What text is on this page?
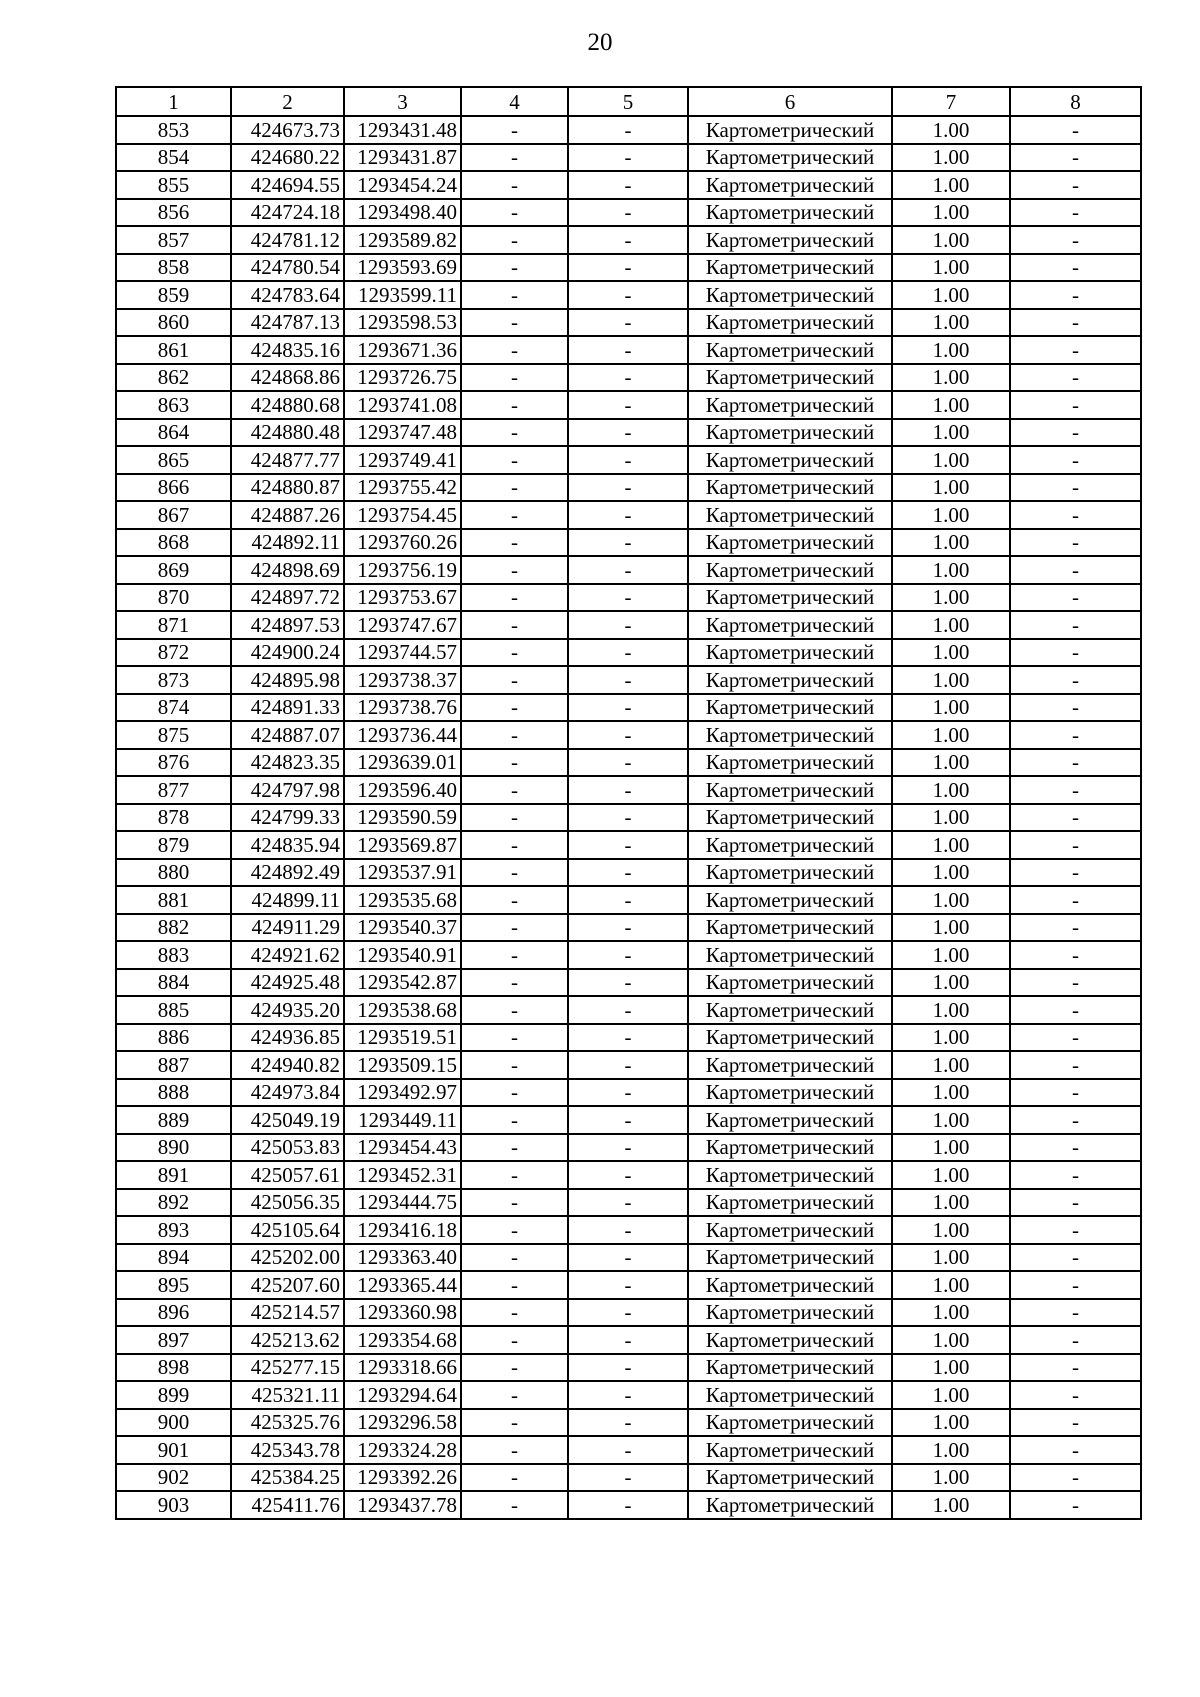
20
1	2	3	4	5	6	7	8
853	424673.73	1293431.48	-	-	Картометрический	1.00	-
854	424680.22	1293431.87	-	-	Картометрический	1.00	-
855	424694.55	1293454.24	-	-	Картометрический	1.00	-
856	424724.18	1293498.40	-	-	Картометрический	1.00	-
857	424781.12	1293589.82	-	-	Картометрический	1.00	-
858	424780.54	1293593.69	-	-	Картометрический	1.00	-
859	424783.64	1293599.11	-	-	Картометрический	1.00	-
860	424787.13	1293598.53	-	-	Картометрический	1.00	-
861	424835.16	1293671.36	-	-	Картометрический	1.00	-
862	424868.86	1293726.75	-	-	Картометрический	1.00	-
863	424880.68	1293741.08	-	-	Картометрический	1.00	-
864	424880.48	1293747.48	-	-	Картометрический	1.00	-
865	424877.77	1293749.41	-	-	Картометрический	1.00	-
866	424880.87	1293755.42	-	-	Картометрический	1.00	-
867	424887.26	1293754.45	-	-	Картометрический	1.00	-
868	424892.11	1293760.26	-	-	Картометрический	1.00	-
869	424898.69	1293756.19	-	-	Картометрический	1.00	-
870	424897.72	1293753.67	-	-	Картометрический	1.00	-
871	424897.53	1293747.67	-	-	Картометрический	1.00	-
872	424900.24	1293744.57	-	-	Картометрический	1.00	-
873	424895.98	1293738.37	-	-	Картометрический	1.00	-
874	424891.33	1293738.76	-	-	Картометрический	1.00	-
875	424887.07	1293736.44	-	-	Картометрический	1.00	-
876	424823.35	1293639.01	-	-	Картометрический	1.00	-
877	424797.98	1293596.40	-	-	Картометрический	1.00	-
878	424799.33	1293590.59	-	-	Картометрический	1.00	-
879	424835.94	1293569.87	-	-	Картометрический	1.00	-
880	424892.49	1293537.91	-	-	Картометрический	1.00	-
881	424899.11	1293535.68	-	-	Картометрический	1.00	-
882	424911.29	1293540.37	-	-	Картометрический	1.00	-
883	424921.62	1293540.91	-	-	Картометрический	1.00	-
884	424925.48	1293542.87	-	-	Картометрический	1.00	-
885	424935.20	1293538.68	-	-	Картометрический	1.00	-
886	424936.85	1293519.51	-	-	Картометрический	1.00	-
887	424940.82	1293509.15	-	-	Картометрический	1.00	-
888	424973.84	1293492.97	-	-	Картометрический	1.00	-
889	425049.19	1293449.11	-	-	Картометрический	1.00	-
890	425053.83	1293454.43	-	-	Картометрический	1.00	-
891	425057.61	1293452.31	-	-	Картометрический	1.00	-
892	425056.35	1293444.75	-	-	Картометрический	1.00	-
893	425105.64	1293416.18	-	-	Картометрический	1.00	-
894	425202.00	1293363.40	-	-	Картометрический	1.00	-
895	425207.60	1293365.44	-	-	Картометрический	1.00	-
896	425214.57	1293360.98	-	-	Картометрический	1.00	-
897	425213.62	1293354.68	-	-	Картометрический	1.00	-
898	425277.15	1293318.66	-	-	Картометрический	1.00	-
899	425321.11	1293294.64	-	-	Картометрический	1.00	-
900	425325.76	1293296.58	-	-	Картометрический	1.00	-
901	425343.78	1293324.28	-	-	Картометрический	1.00	-
902	425384.25	1293392.26	-	-	Картометрический	1.00	-
903	425411.76	1293437.78	-	-	Картометрический	1.00	-
